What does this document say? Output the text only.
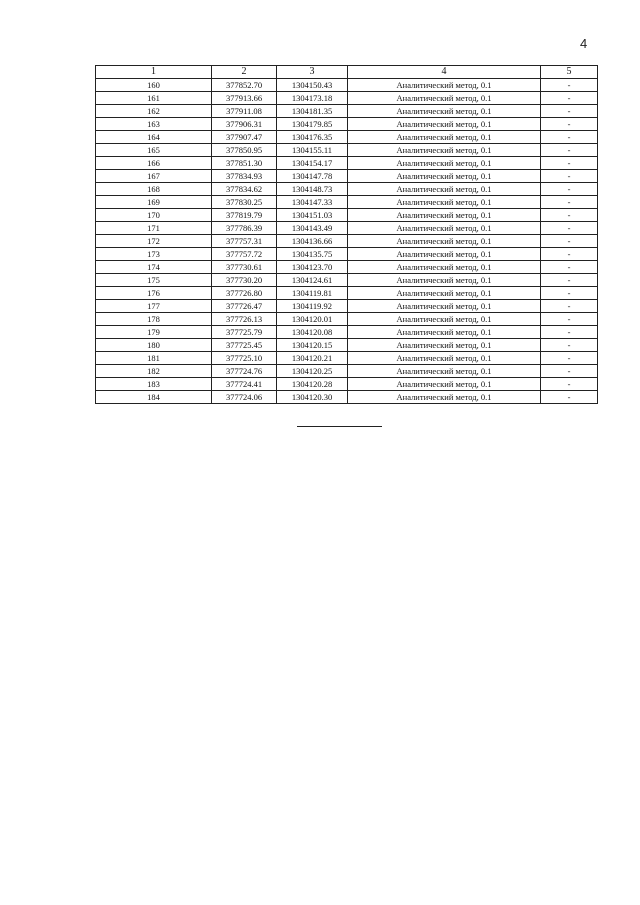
4
1	2	3	4	5
160	377852.70	1304150.43	Аналитический метод, 0.1	-
161	377913.66	1304173.18	Аналитический метод, 0.1	-
162	377911.08	1304181.35	Аналитический метод, 0.1	-
163	377906.31	1304179.85	Аналитический метод, 0.1	-
164	377907.47	1304176.35	Аналитический метод, 0.1	-
165	377850.95	1304155.11	Аналитический метод, 0.1	-
166	377851.30	1304154.17	Аналитический метод, 0.1	-
167	377834.93	1304147.78	Аналитический метод, 0.1	-
168	377834.62	1304148.73	Аналитический метод, 0.1	-
169	377830.25	1304147.33	Аналитический метод, 0.1	-
170	377819.79	1304151.03	Аналитический метод, 0.1	-
171	377786.39	1304143.49	Аналитический метод, 0.1	-
172	377757.31	1304136.66	Аналитический метод, 0.1	-
173	377757.72	1304135.75	Аналитический метод, 0.1	-
174	377730.61	1304123.70	Аналитический метод, 0.1	-
175	377730.20	1304124.61	Аналитический метод, 0.1	-
176	377726.80	1304119.81	Аналитический метод, 0.1	-
177	377726.47	1304119.92	Аналитический метод, 0.1	-
178	377726.13	1304120.01	Аналитический метод, 0.1	-
179	377725.79	1304120.08	Аналитический метод, 0.1	-
180	377725.45	1304120.15	Аналитический метод, 0.1	-
181	377725.10	1304120.21	Аналитический метод, 0.1	-
182	377724.76	1304120.25	Аналитический метод, 0.1	-
183	377724.41	1304120.28	Аналитический метод, 0.1	-
184	377724.06	1304120.30	Аналитический метод, 0.1	-
